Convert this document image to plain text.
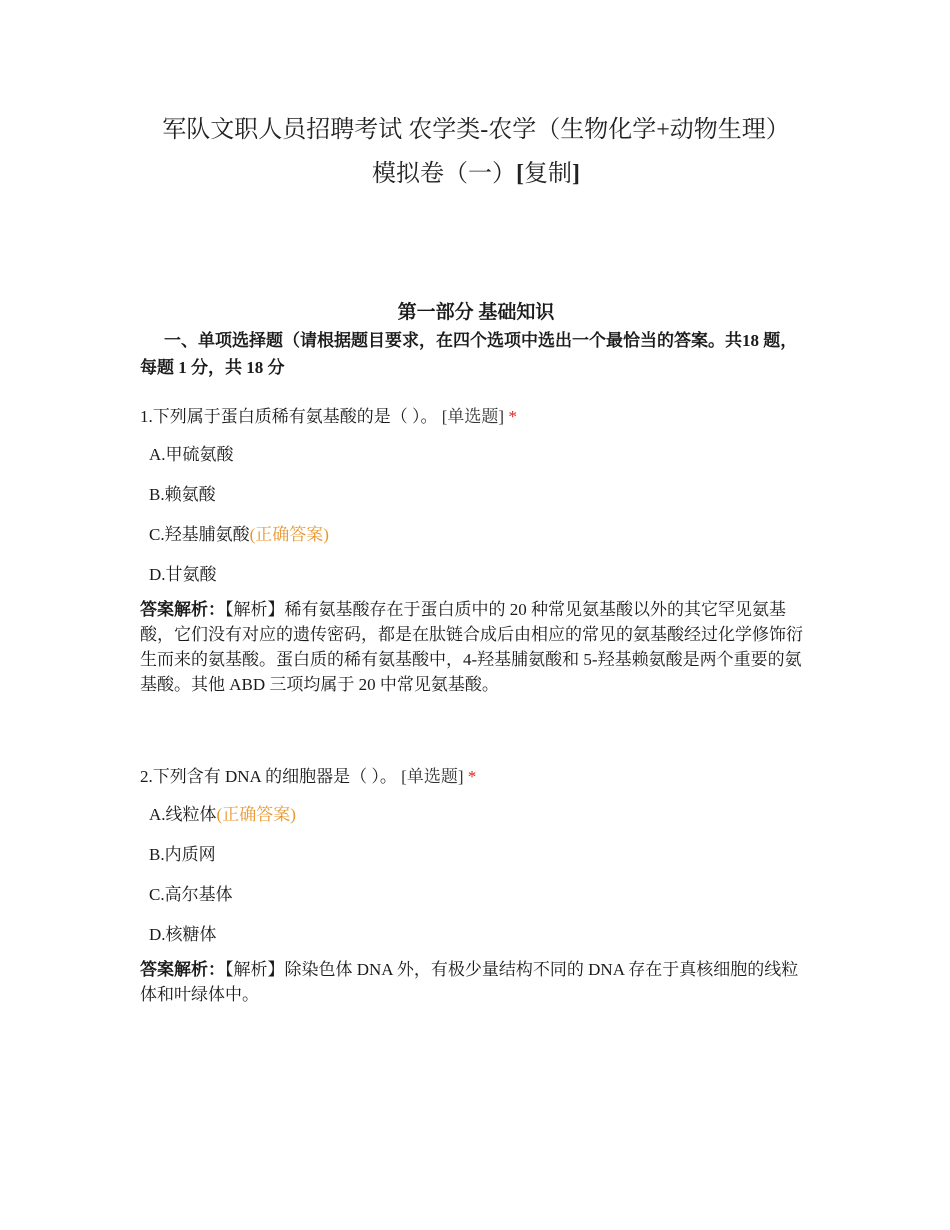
军队文职人员招聘考试 农学类-农学（生物化学+动物生理）
模拟卷（一）[复制]
第一部分 基础知识
一、单项选择题（请根据题目要求，在四个选项中选出一个最恰当的答案。共18 题，每题 1 分，共 18 分
1.下列属于蛋白质稀有氨基酸的是（ ）。 [单选题] *
A.甲硫氨酸
B.赖氨酸
C.羟基脯氨酸(正确答案)
D.甘氨酸
答案解析：【解析】稀有氨基酸存在于蛋白质中的 20 种常见氨基酸以外的其它罕见氨基酸，它们没有对应的遗传密码，都是在肽链合成后由相应的常见的氨基酸经过化学修饰衍生而来的氨基酸。蛋白质的稀有氨基酸中，4-羟基脯氨酸和 5-羟基赖氨酸是两个重要的氨基酸。其他 ABD 三项均属于 20 中常见氨基酸。
2.下列含有 DNA 的细胞器是（ ）。 [单选题] *
A.线粒体(正确答案)
B.内质网
C.高尔基体
D.核糖体
答案解析：【解析】除染色体 DNA 外，有极少量结构不同的 DNA 存在于真核细胞的线粒体和叶绿体中。
